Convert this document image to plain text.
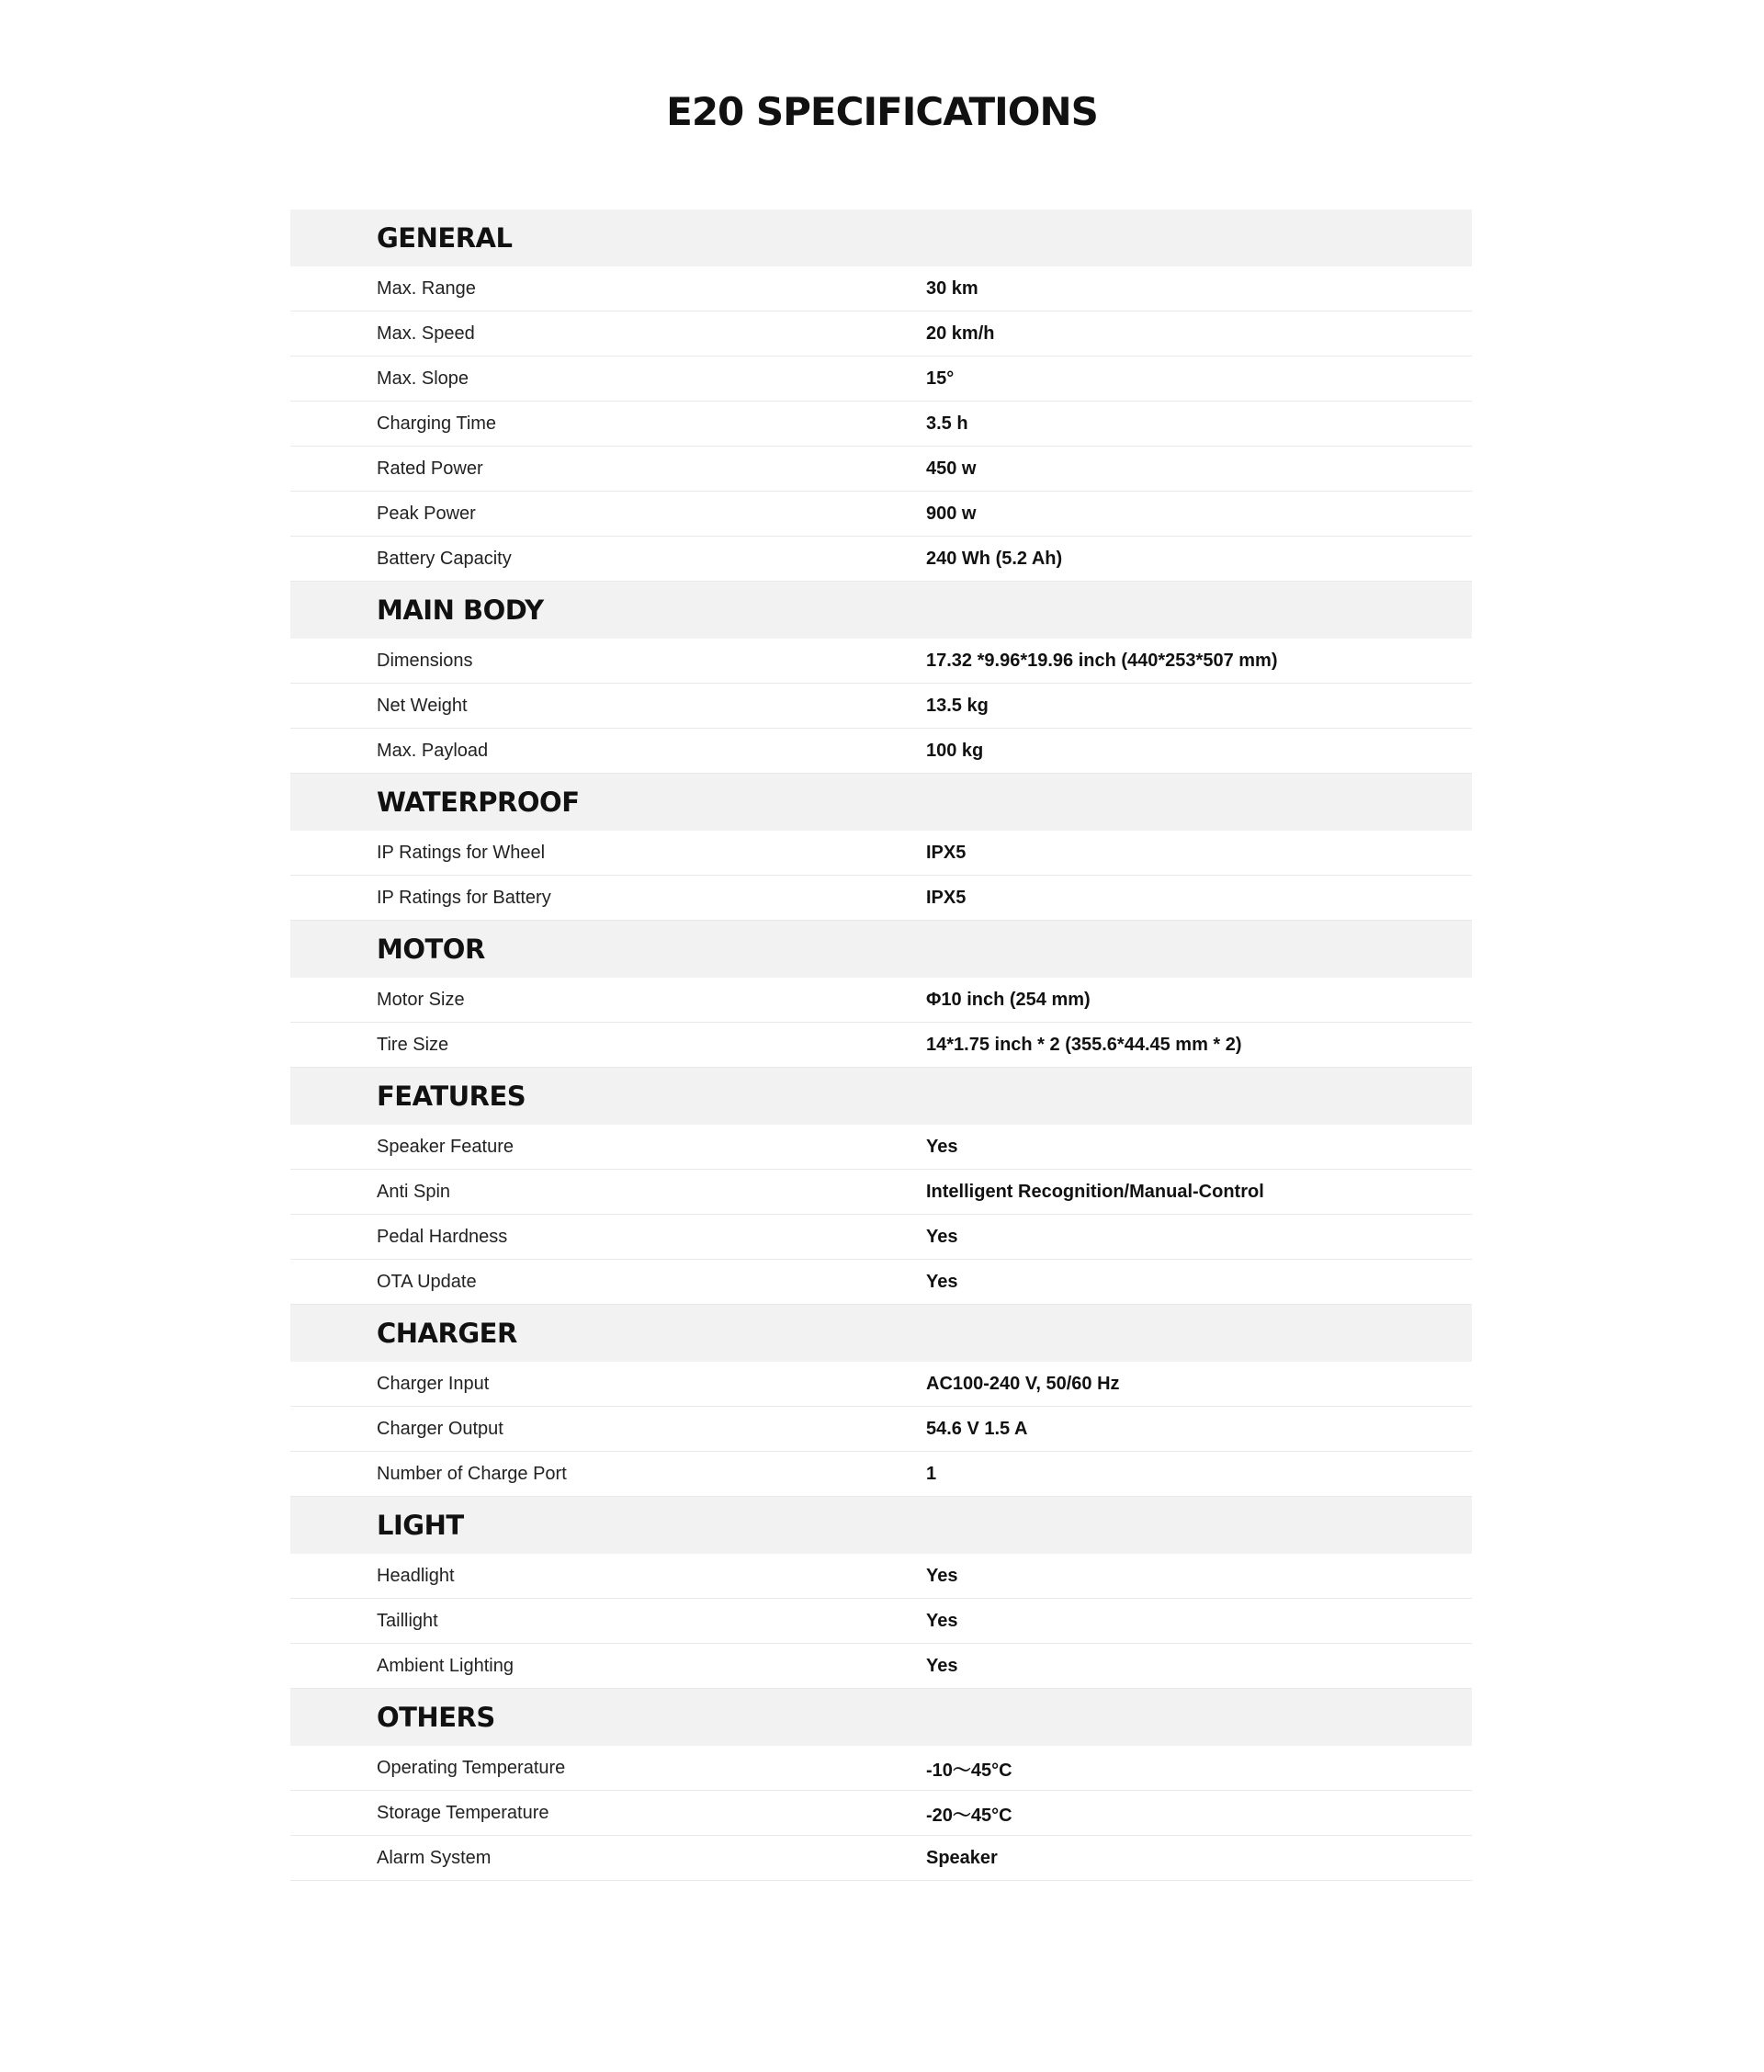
E20 SPECIFICATIONS
GENERAL
Max. Range	30 km
Max. Speed	20 km/h
Max. Slope	15°
Charging Time	3.5 h
Rated Power	450 w
Peak Power	900 w
Battery Capacity	240 Wh (5.2 Ah)
MAIN BODY
Dimensions	17.32 *9.96*19.96 inch (440*253*507 mm)
Net Weight	13.5 kg
Max. Payload	100 kg
WATERPROOF
IP Ratings for Wheel	IPX5
IP Ratings for Battery	IPX5
MOTOR
Motor Size	Φ10 inch (254 mm)
Tire Size	14*1.75 inch * 2 (355.6*44.45 mm * 2)
FEATURES
Speaker Feature	Yes
Anti Spin	Intelligent Recognition/Manual-Control
Pedal Hardness	Yes
OTA Update	Yes
CHARGER
Charger Input	AC100-240 V, 50/60 Hz
Charger Output	54.6 V 1.5 A
Number of Charge Port	1
LIGHT
Headlight	Yes
Taillight	Yes
Ambient Lighting	Yes
OTHERS
Operating Temperature	-10～45°C
Storage Temperature	-20～45°C
Alarm System	Speaker
